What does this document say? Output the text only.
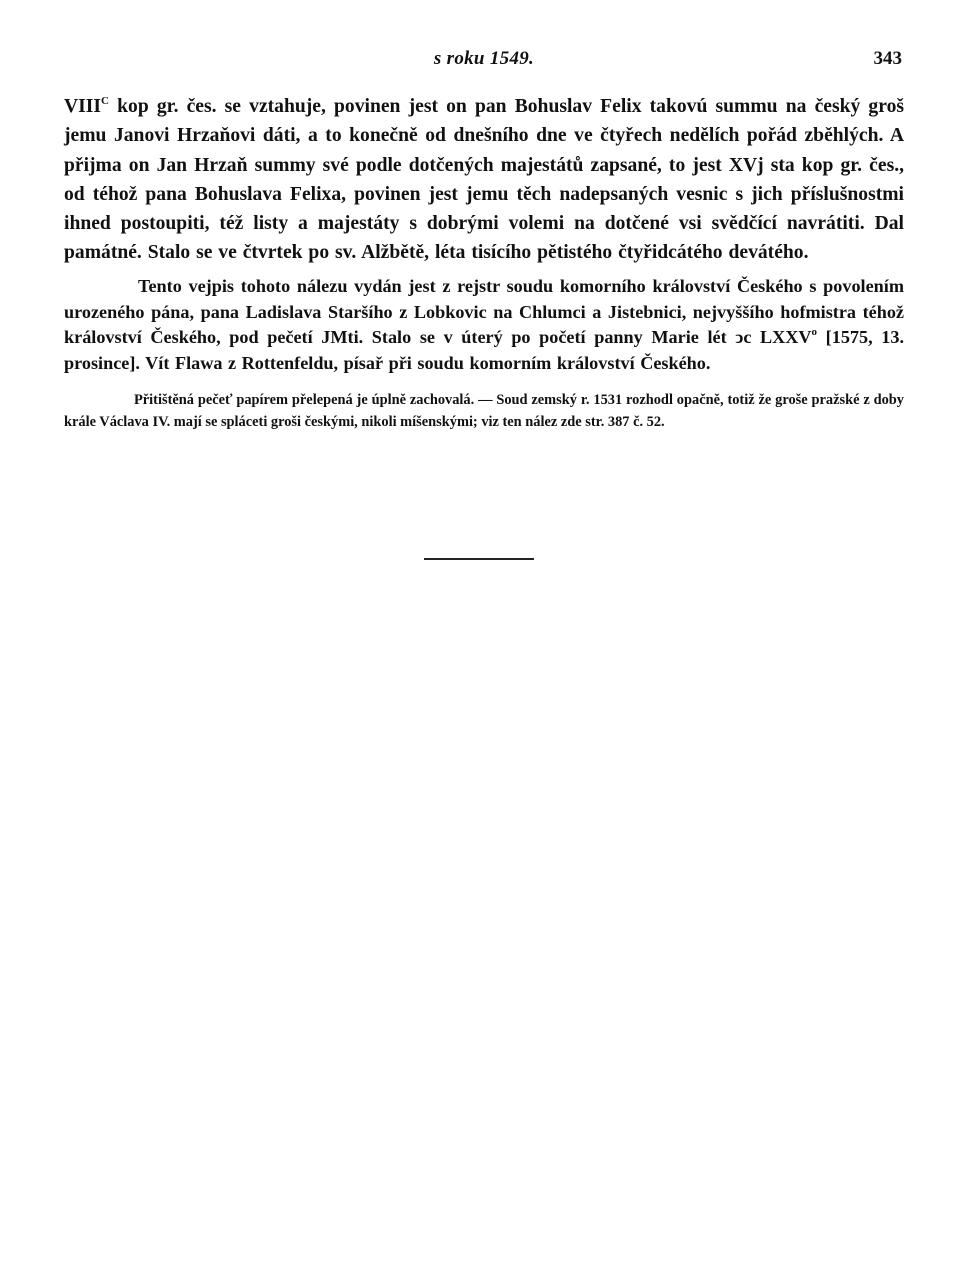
s roku 1549.	343

$VIII^C$ kop gr. čes. se vztahuje, povinen jest on pan Bohuslav Felix takovú summu na český groš jemu Janovi Hrzaňovi dáti, a to konečně od dnešního dne ve čtyřech nedělích pořád zběhlých. A přijma on Jan Hrzaň summy své podle dotčených majestátů zapsané, to jest XVj sta kop gr. čes., od téhož pana Bohuslava Felixa, povinen jest jemu těch nadepsaných vesnic s jich příslušnostmi ihned postoupiti, též listy a majestáty s dobrými volemi na dotčené vsi svědčící navrátiti. Dal památné. Stalo se ve čtvrtek po sv. Alžbětě, léta tisícího pětistého čtyřidcátého devátého.

Tento vejpis tohoto nálezu vydán jest z rejstr soudu komorního království Českého s povolením urozeného pána, pana Ladislava Staršího z Lobkovic na Chlumci a Jistebnici, nejvyššího hofmistra téhož království Českého, pod pečetí JMti. Stalo se v úterý po početí panny Marie lét ↄc LXXV$^o$ [1575, 13. prosince]. Vít Flawa z Rottenfeldu, písař při soudu komorním království Českého.

Přitištěná pečeť papírem přelepená je úplně zachovalá. — Soud zemský r. 1531 rozhodl opačně, totiž že groše pražské z doby krále Václava IV. mají se spláceti groši českými, nikoli míšenskými; viz ten nález zde str. 387 č. 52.
